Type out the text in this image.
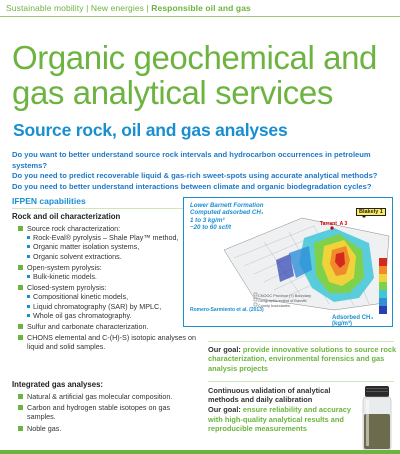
Sustainable mobility | New energies | Responsible oil and gas
Organic geochemical and gas analytical services
Source rock, oil and gas analyses
Do you want to better understand source rock intervals and hydrocarbon occurrences in petroleum systems?
Do you need to predict recoverable liquid & gas-rich sweet-spots using accurate analytical methods?
Do you need to better understand interactions between climate and organic biodegradation cycles?
IFPEN capabilities
Rock and oil characterization
Source rock characterization:
Rock-Eval® pyrolysis – Shale Play™ method,
Organic matter isolation systems,
Organic solvent extractions.
Open-system pyrolysis:
Bulk-kinetic models.
Closed-system pyrolysis:
Compositional kinetic models,
Liquid chromatography (SAR) by MPLC,
Whole oil gas chromatography.
Sulfur and carbonate characterization.
CHONS elemental and C-(H)-S) isotopic analyses on liquid and solid samples.
Integrated gas analyses:
Natural & artificial gas molecular composition.
Carbon and hydrogen stable isotopes on gas samples.
Noble gas.
Lower Barnett Formation
Computed adsorbed CH₄
1 to 3 kg/m³
~20 to 60 scf/t
Tarrant_A 3
Blakely 1
CNOOC Province (?) Boundary
Geographic extent of Barnett
County boundaries
Romero-Sarmiento et al. (2013)
Adsorbed CH₄ (kg/m³)
Our goal: provide innovative solutions to source rock characterization, environmental forensics and gas analysis projects
Continuous validation of analytical methods and daily calibration
Our goal: ensure reliability and accuracy with high-quality analytical results and reproducible measurements
